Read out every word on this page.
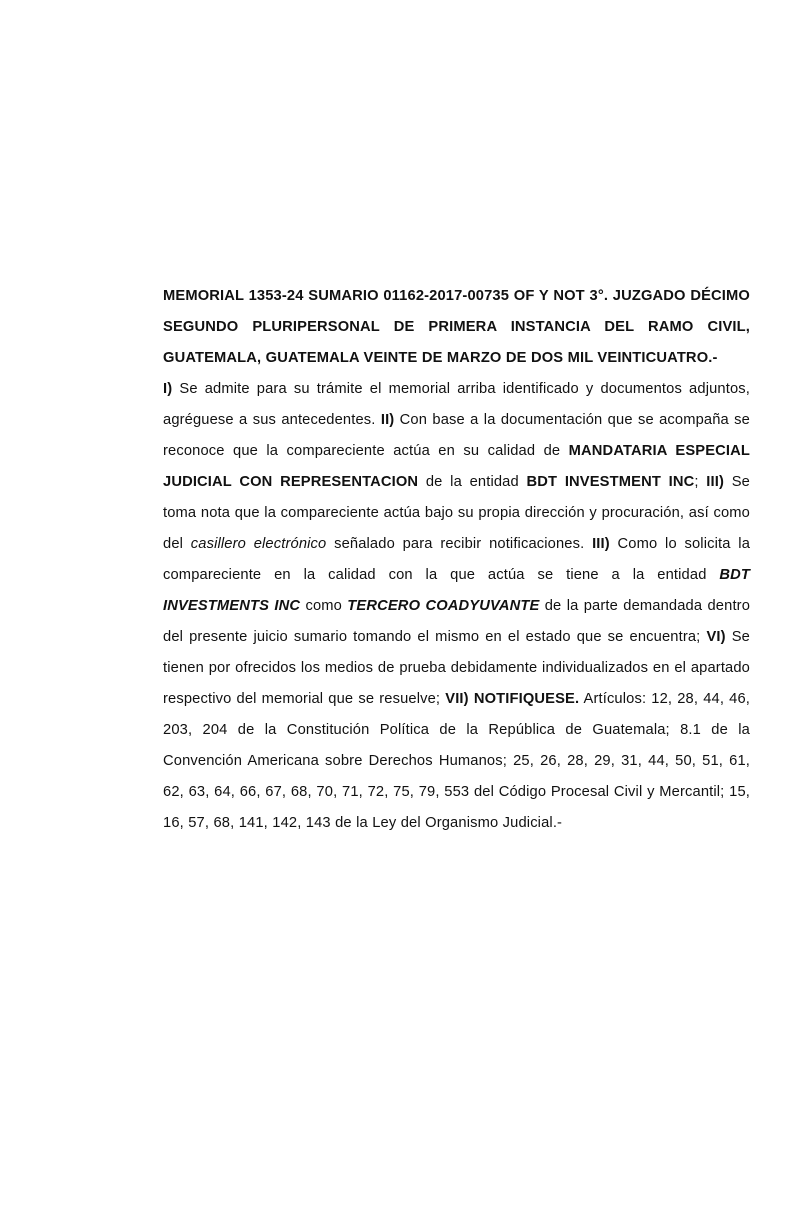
MEMORIAL 1353-24 SUMARIO 01162-2017-00735 OF Y NOT 3°. JUZGADO DÉCIMO SEGUNDO PLURIPERSONAL DE PRIMERA INSTANCIA DEL RAMO CIVIL, GUATEMALA, GUATEMALA VEINTE DE MARZO DE DOS MIL VEINTICUATRO.-

I) Se admite para su trámite el memorial arriba identificado y documentos adjuntos, agréguese a sus antecedentes. II) Con base a la documentación que se acompaña se reconoce que la compareciente actúa en su calidad de MANDATARIA ESPECIAL JUDICIAL CON REPRESENTACION de la entidad BDT INVESTMENT INC; III) Se toma nota que la compareciente actúa bajo su propia dirección y procuración, así como del casillero electrónico señalado para recibir notificaciones. III) Como lo solicita la compareciente en la calidad con la que actúa se tiene a la entidad BDT INVESTMENTS INC como TERCERO COADYUVANTE de la parte demandada dentro del presente juicio sumario tomando el mismo en el estado que se encuentra; VI) Se tienen por ofrecidos los medios de prueba debidamente individualizados en el apartado respectivo del memorial que se resuelve; VII) NOTIFIQUESE. Artículos: 12, 28, 44, 46, 203, 204 de la Constitución Política de la República de Guatemala; 8.1 de la Convención Americana sobre Derechos Humanos; 25, 26, 28, 29, 31, 44, 50, 51, 61, 62, 63, 64, 66, 67, 68, 70, 71, 72, 75, 79, 553 del Código Procesal Civil y Mercantil; 15, 16, 57, 68, 141, 142, 143 de la Ley del Organismo Judicial.-
